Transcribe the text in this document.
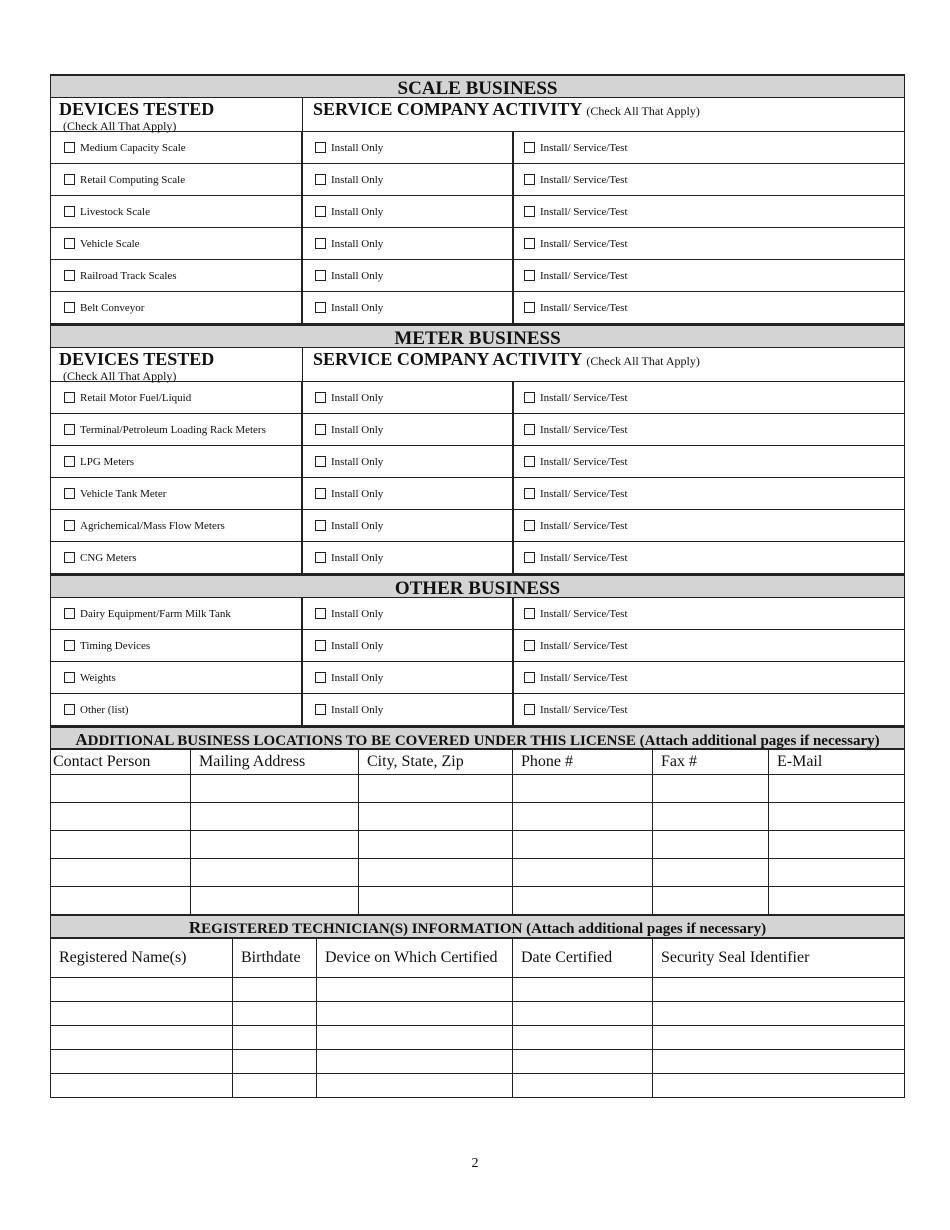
SCALE BUSINESS
DEVICES TESTED
(Check All That Apply)
SERVICE COMPANY ACTIVITY (Check All That Apply)
Medium Capacity Scale	Install Only	Install/ Service/Test
Retail Computing Scale	Install Only	Install/ Service/Test
Livestock Scale	Install Only	Install/ Service/Test
Vehicle Scale	Install Only	Install/ Service/Test
Railroad Track Scales	Install Only	Install/ Service/Test
Belt Conveyor	Install Only	Install/ Service/Test
METER BUSINESS
DEVICES TESTED
(Check All That Apply)
SERVICE COMPANY ACTIVITY (Check All That Apply)
Retail Motor Fuel/Liquid	Install Only	Install/ Service/Test
Terminal/Petroleum Loading Rack Meters	Install Only	Install/ Service/Test
LPG Meters	Install Only	Install/ Service/Test
Vehicle Tank Meter	Install Only	Install/ Service/Test
Agrichemical/Mass Flow Meters	Install Only	Install/ Service/Test
CNG Meters	Install Only	Install/ Service/Test
OTHER BUSINESS
Dairy Equipment/Farm Milk Tank	Install Only	Install/ Service/Test
Timing Devices	Install Only	Install/ Service/Test
Weights	Install Only	Install/ Service/Test
Other (list)	Install Only	Install/ Service/Test
ADDITIONAL BUSINESS LOCATIONS TO BE COVERED UNDER THIS LICENSE (Attach additional pages if necessary)
Contact Person	Mailing Address	City, State, Zip	Phone #	Fax #	E-Mail

REGISTERED TECHNICIAN(S) INFORMATION (Attach additional pages if necessary)
Registered Name(s)	Birthdate	Device on Which Certified	Date Certified	Security Seal Identifier

2
